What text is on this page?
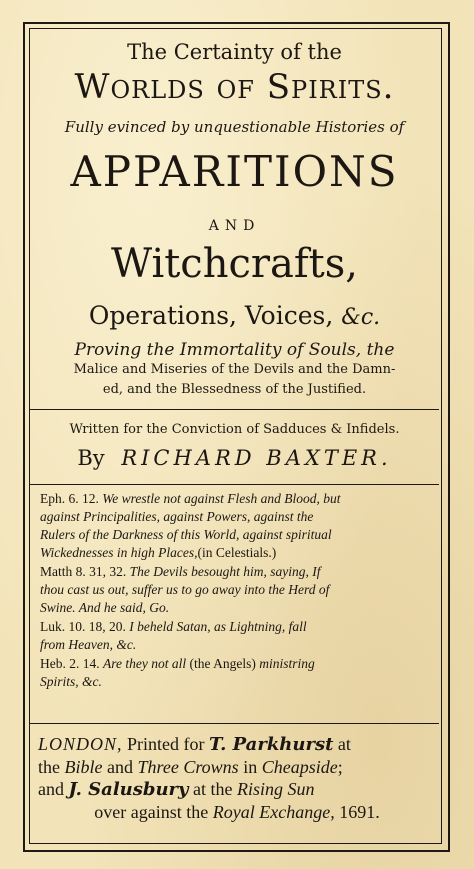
The Certainty of the
Worlds of Spirits.
Fully evinced by unquestionable Histories of
APPARITIONS
AND
Witchcrafts,
Operations, Voices, &c.
Proving the Immortality of Souls, the
Malice and Miseries of the Devils and the Damn-
ed, and the Blessedness of the Justified.
Written for the Conviction of Sadduces & Infidels.
By RICHARD BAXTER.

Eph. 6. 12. We wrestle not against Flesh and Blood, but
against Principalities, against Powers, against the
Rulers of the Darkness of this World, against spiritual
Wickednesses in high Places,(in Celestials.)

Matth 8. 31, 32. The Devils besought him, saying, If
thou cast us out, suffer us to go away into the Herd of
Swine. And he said, Go.

Luk. 10. 18, 20. I beheld Satan, as Lightning, fall
from Heaven, &c.

Heb. 2. 14. Are they not all (the Angels) ministring
Spirits, &c.

LONDON, Printed for T. Parkhurst at
the Bible and Three Crowns in Cheapside;
and J. Salusbury at the Rising Sun
over against the Royal Exchange, 1691.
